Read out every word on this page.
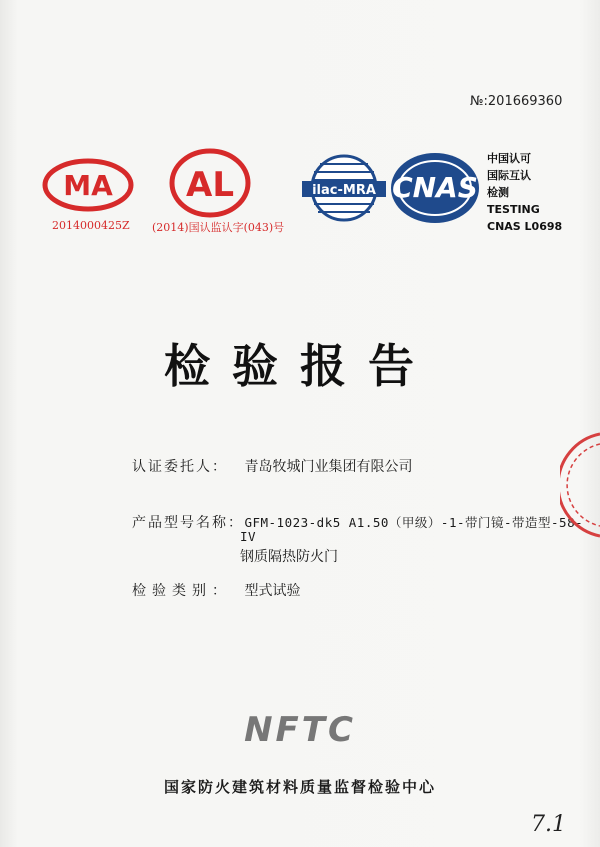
№:201669360
MA
2014000425Z
AL
(2014)国认监认字(043)号
ilac-MRA CNAS
中国认可
国际互认
检测
TESTING
CNAS L0698
检验报告
认证委托人： 青岛牧城门业集团有限公司
产品型号名称： GFM-1023-dk5 A1.50（甲级）-1-带门镜-带造型-58-
IV
钢质隔热防火门
检验类别： 型式试验
NFTC
国家防火建筑材料质量监督检验中心
7.1
